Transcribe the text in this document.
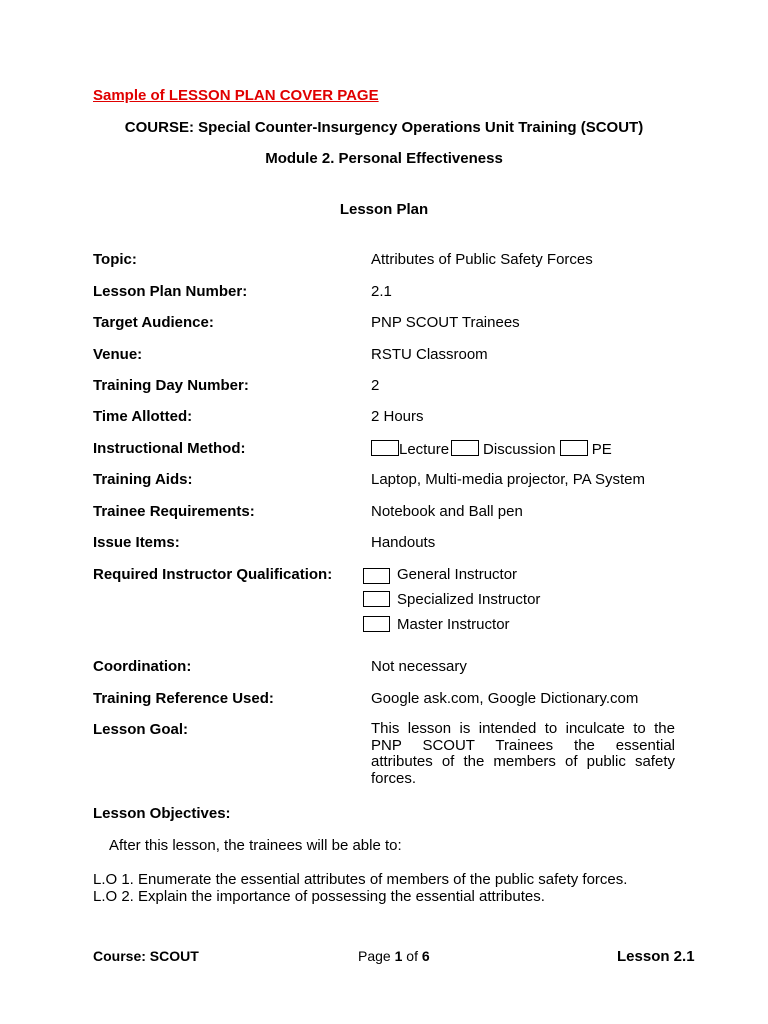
Sample of LESSON PLAN COVER PAGE
COURSE: Special Counter-Insurgency Operations Unit Training (SCOUT)
Module 2. Personal Effectiveness
Lesson Plan
Topic:	Attributes of Public Safety Forces
Lesson Plan Number:	2.1
Target Audience:	PNP SCOUT Trainees
Venue:	RSTU Classroom
Training Day Number:	2
Time Allotted:	2 Hours
Instructional Method:	Lecture Discussion PE
Training Aids:	Laptop, Multi-media projector, PA System
Trainee Requirements:	Notebook and Ball pen
Issue Items:	Handouts
Required Instructor Qualification:	General Instructor
Specialized Instructor
Master Instructor
Coordination:	Not necessary
Training Reference Used:	Google ask.com, Google Dictionary.com
Lesson Goal:	This lesson is intended to inculcate to the
PNP SCOUT Trainees the essential
attributes of the members of public safety
forces.
Lesson Objectives:
After this lesson, the trainees will be able to:
L.O 1. Enumerate the essential attributes of members of the public safety forces.
L.O 2. Explain the importance of possessing the essential attributes.
Course: SCOUT	Page 1 of 6	Lesson 2.1
